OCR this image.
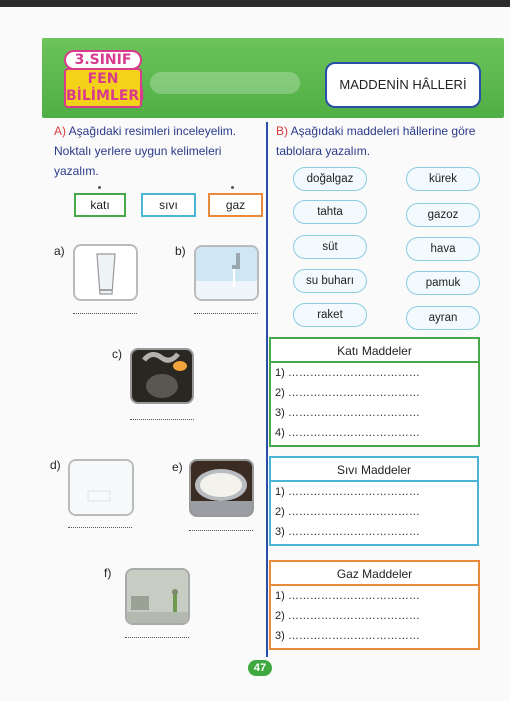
3.SINIF
FEN
BİLİMLERİ
MADDENİN HÂLLERİ
A) Aşağıdaki resimleri inceleyelim. Noktalı yerlere uygun kelimeleri yazalım.
katı	sıvı	gaz
a)	b)
c)
d)	e)
f)
B) Aşağıdaki maddeleri hâllerine göre tablolara yazalım.
doğalgaz	kürek
tahta	gazoz
süt	hava
su buharı	pamuk
raket	ayran
Katı Maddeler
1) ………………………………
2) ………………………………
3) ………………………………
4) ………………………………
Sıvı Maddeler
1) ………………………………
2) ………………………………
3) ………………………………
Gaz Maddeler
1) ………………………………
2) ………………………………
3) ………………………………
47
